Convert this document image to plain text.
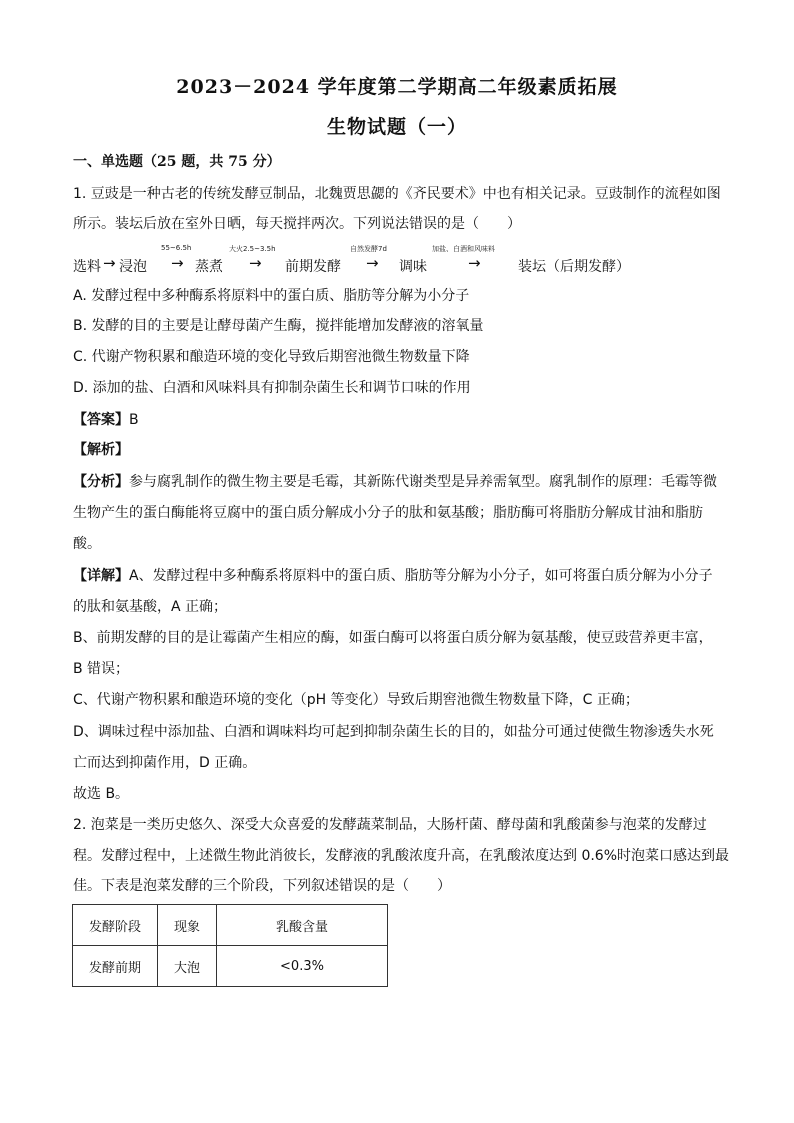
2023－2024 学年度第二学期高二年级素质拓展
生物试题（一）
一、单选题（25 题，共 75 分）
1. 豆豉是一种古老的传统发酵豆制品，北魏贾思勰的《齐民要术》中也有相关记录。豆豉制作的流程如图
所示。装坛后放在室外日晒，每天搅拌两次。下列说法错误的是（　　）
选料 → 浸泡
55~6.5h
→ 蒸煮
大火2.5~3.5h
→ 前期发酵
自然发酵7d
→ 调味
加盐、白酒和风味料
→	装坛（后期发酵）
A. 发酵过程中多种酶系将原料中的蛋白质、脂肪等分解为小分子
B. 发酵的目的主要是让酵母菌产生酶，搅拌能增加发酵液的溶氧量
C. 代谢产物积累和酿造环境的变化导致后期窖池微生物数量下降
D. 添加的盐、白酒和风味料具有抑制杂菌生长和调节口味的作用
【答案】B
【解析】
【分析】参与腐乳制作的微生物主要是毛霉，其新陈代谢类型是异养需氧型。腐乳制作的原理：毛霉等微
生物产生的蛋白酶能将豆腐中的蛋白质分解成小分子的肽和氨基酸；脂肪酶可将脂肪分解成甘油和脂肪
酸。
【详解】A、发酵过程中多种酶系将原料中的蛋白质、脂肪等分解为小分子，如可将蛋白质分解为小分子
的肽和氨基酸，A 正确；
B、前期发酵的目的是让霉菌产生相应的酶，如蛋白酶可以将蛋白质分解为氨基酸，使豆豉营养更丰富，
B 错误；
C、代谢产物积累和酿造环境的变化（pH 等变化）导致后期窖池微生物数量下降，C 正确；
D、调味过程中添加盐、白酒和调味料均可起到抑制杂菌生长的目的，如盐分可通过使微生物渗透失水死
亡而达到抑菌作用，D 正确。
故选 B。
2. 泡菜是一类历史悠久、深受大众喜爱的发酵蔬菜制品，大肠杆菌、酵母菌和乳酸菌参与泡菜的发酵过
程。发酵过程中，上述微生物此消彼长，发酵液的乳酸浓度升高，在乳酸浓度达到 0.6%时泡菜口感达到最
佳。下表是泡菜发酵的三个阶段，下列叙述错误的是（　　）
发酵阶段	现象	乳酸含量
发酵前期	大泡	<0.3%
